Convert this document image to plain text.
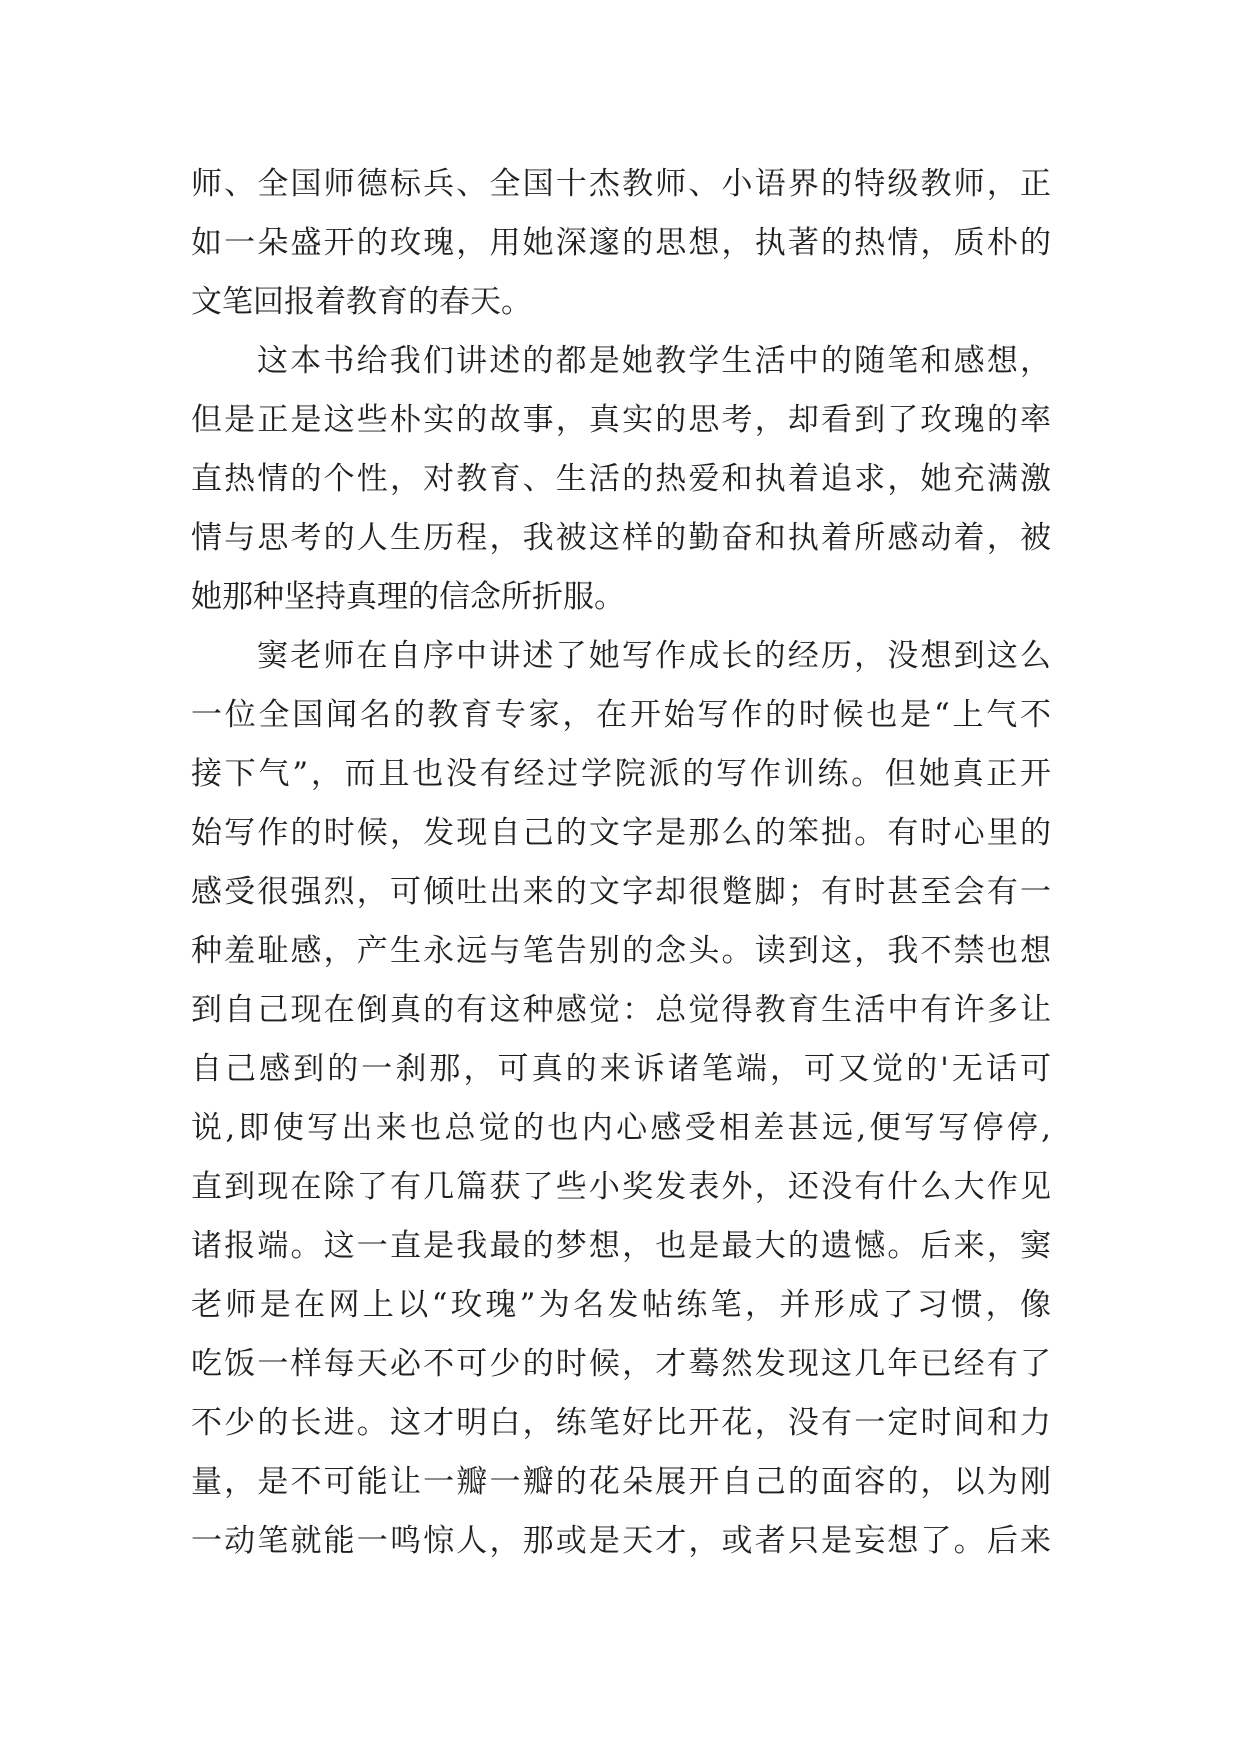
师、全国师德标兵、全国十杰教师、小语界的特级教师，正
如一朵盛开的玫瑰，用她深邃的思想，执著的热情，质朴的
文笔回报着教育的春天。
这本书给我们讲述的都是她教学生活中的随笔和感想，
但是正是这些朴实的故事，真实的思考，却看到了玫瑰的率
直热情的个性，对教育、生活的热爱和执着追求，她充满激
情与思考的人生历程，我被这样的勤奋和执着所感动着，被
她那种坚持真理的信念所折服。
窦老师在自序中讲述了她写作成长的经历，没想到这么
一位全国闻名的教育专家，在开始写作的时候也是“上气不
接下气”，而且也没有经过学院派的写作训练。但她真正开
始写作的时候，发现自己的文字是那么的笨拙。有时心里的
感受很强烈，可倾吐出来的文字却很蹩脚；有时甚至会有一
种羞耻感，产生永远与笔告别的念头。读到这，我不禁也想
到自己现在倒真的有这种感觉：总觉得教育生活中有许多让
自己感到的一刹那，可真的来诉诸笔端，可又觉的'无话可
说,即使写出来也总觉的也内心感受相差甚远,便写写停停,
直到现在除了有几篇获了些小奖发表外，还没有什么大作见
诸报端。这一直是我最的梦想，也是最大的遗憾。后来，窦
老师是在网上以“玫瑰”为名发帖练笔，并形成了习惯，像
吃饭一样每天必不可少的时候，才蓦然发现这几年已经有了
不少的长进。这才明白，练笔好比开花，没有一定时间和力
量，是不可能让一瓣一瓣的花朵展开自己的面容的，以为刚
一动笔就能一鸣惊人，那或是天才，或者只是妄想了。后来
